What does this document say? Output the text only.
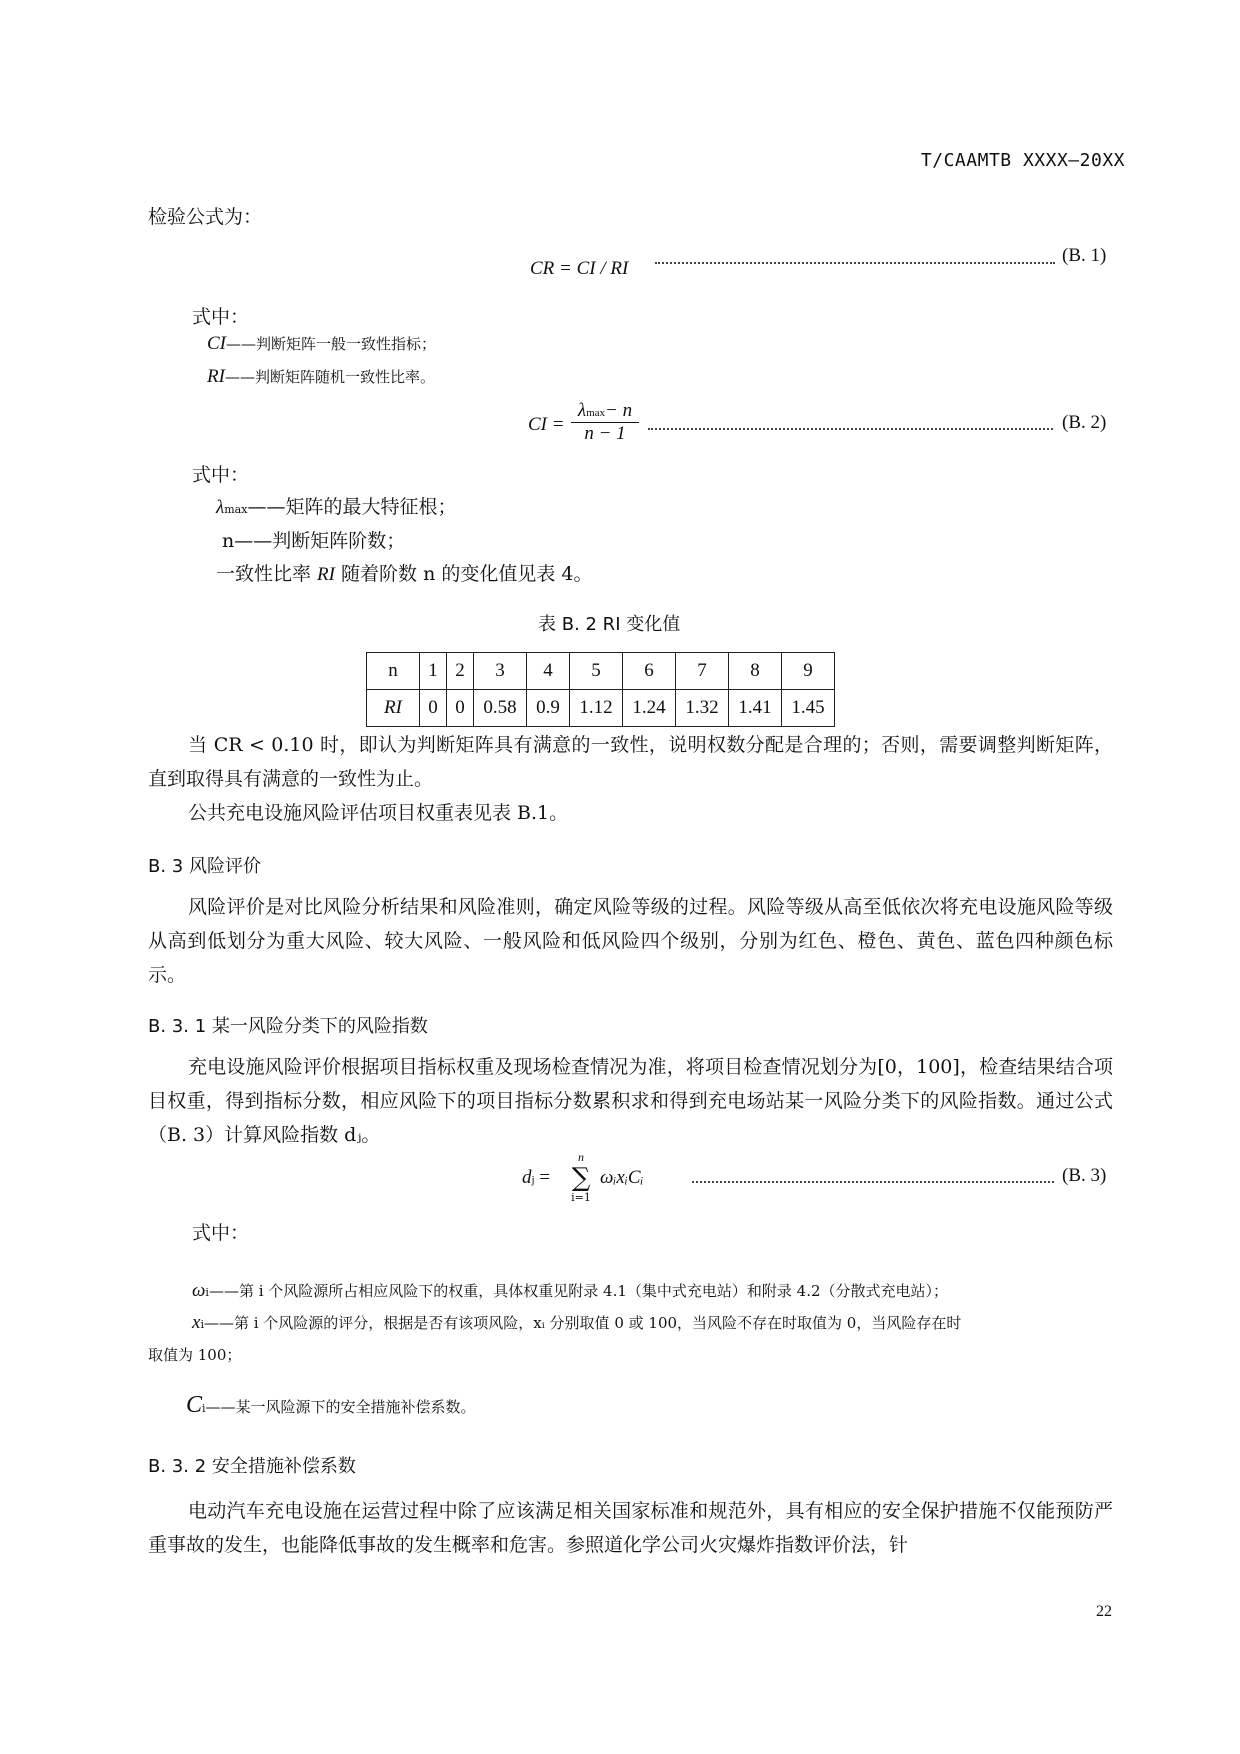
T/CAAMTB XXXX—20XX
检验公式为：
CR = CI / RI
(B. 1)
式中：
CI——判断矩阵一般一致性指标；
RI——判断矩阵随机一致性比率。
CI =
λmax− n
n − 1
(B. 2)
式中：
λmax——矩阵的最大特征根；
n——判断矩阵阶数；
一致性比率 RI 随着阶数 n 的变化值见表 4。
表 B. 2 RI 变化值
n	1	2	3	4	5	6	7	8	9
RI	0	0	0.58	0.9	1.12	1.24	1.32	1.41	1.45
当 CR < 0.10 时，即认为判断矩阵具有满意的一致性，说明权数分配是合理的；否则，需要调整判断矩阵，直到取得具有满意的一致性为止。
公共充电设施风险评估项目权重表见表 B.1。
B. 3 风险评价
风险评价是对比风险分析结果和风险准则，确定风险等级的过程。风险等级从高至低依次将充电设施风险等级从高到低划分为重大风险、较大风险、一般风险和低风险四个级别，分别为红色、橙色、黄色、蓝色四种颜色标示。
B. 3. 1 某一风险分类下的风险指数
充电设施风险评价根据项目指标权重及现场检查情况为准，将项目检查情况划分为[0，100]，检查结果结合项目权重，得到指标分数，相应风险下的项目指标分数累积求和得到充电场站某一风险分类下的风险指数。通过公式（B. 3）计算风险指数 dⱼ。
dj =
n
∑
i=1
ωᵢxᵢCᵢ	(B. 3)
式中：
ωi——第 i 个风险源所占相应风险下的权重，具体权重见附录 4.1（集中式充电站）和附录 4.2（分散式充电站）；
xi——第 i 个风险源的评分，根据是否有该项风险，xᵢ 分别取值 0 或 100，当风险不存在时取值为 0，当风险存在时
取值为 100；
Ci——某一风险源下的安全措施补偿系数。
B. 3. 2 安全措施补偿系数
电动汽车充电设施在运营过程中除了应该满足相关国家标准和规范外，具有相应的安全保护措施不仅能预防严重事故的发生，也能降低事故的发生概率和危害。参照道化学公司火灾爆炸指数评价法，针
22
